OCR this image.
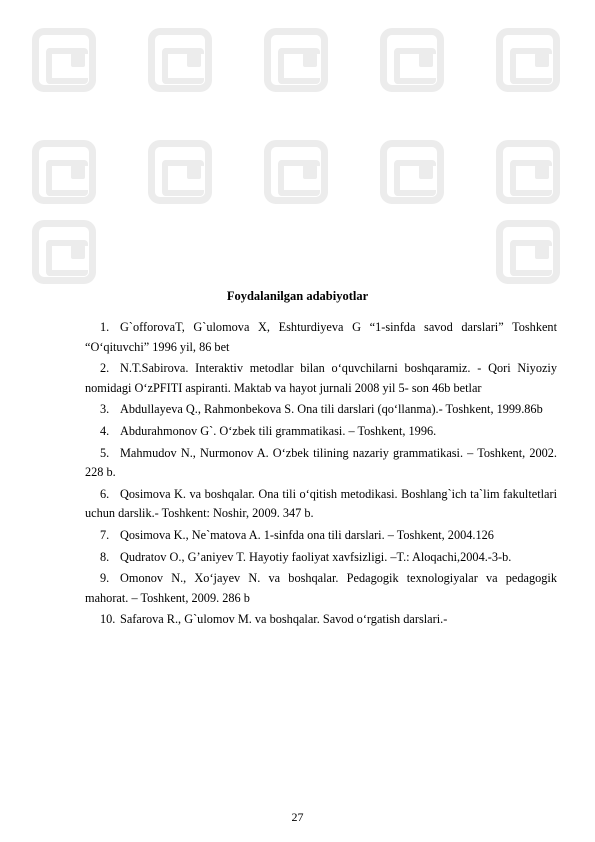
Foydalanilgan adabiyotlar
1. G`offorovaT, G`ulomova X, Eshturdiyeva G “1-sinfda savod darslari” Toshkent “O‘qituvchi” 1996 yil, 86 bet
2. N.T.Sabirova. Interaktiv metodlar bilan o‘quvchilarni boshqaramiz. - Qori Niyoziy nomidagi O‘zPFITI aspiranti. Maktab va hayot jurnali 2008 yil 5- son 46b betlar
3. Abdullayeva Q., Rahmonbekova S. Ona tili darslari (qo‘llanma).- Toshkent, 1999.86b
4. Abdurahmonov G`. O‘zbek tili grammatikasi. – Toshkent, 1996.
5. Mahmudov N., Nurmonov A. O‘zbek tilining nazariy grammatikasi. – Toshkent, 2002. 228 b.
6. Qosimova K. va boshqalar. Ona tili o‘qitish metodikasi. Boshlang`ich ta`lim fakultetlari uchun darslik.- Toshkent: Noshir, 2009. 347 b.
7. Qosimova K., Ne`matova A. 1-sinfda ona tili darslari. – Toshkent, 2004.126
8. Qudratov O., G’aniyev T. Hayotiy faoliyat xavfsizligi. –T.: Aloqachi,2004.-3-b.
9. Omonov N., Xo‘jayev N. va boshqalar. Pedagogik texnologiyalar va pedagogik mahorat. – Toshkent, 2009. 286 b
10. Safarova R., G`ulomov M. va boshqalar. Savod o‘rgatish darslari.-
27
